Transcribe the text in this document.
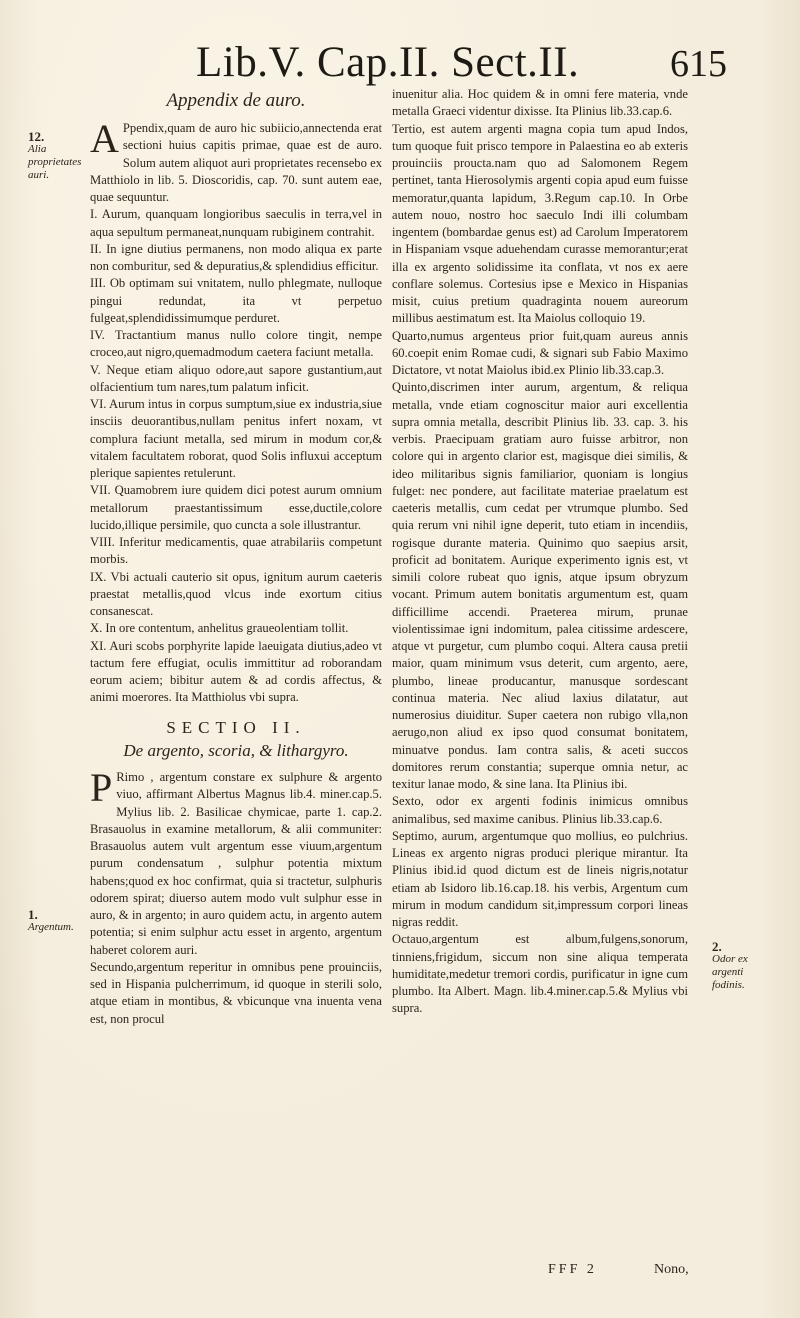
Lib.V. Cap.II. Sect.II. 615
12.
Alia proprietates auri.
1.
Argentum.
2.
Odor ex argenti fodinis.
Appendix de auro.

A Ppendix,quam de auro hic subiicio,annectenda erat sectioni huius capitis primae, quae est de auro. Solum autem aliquot auri proprietates recensebo ex Matthiolo in lib. 5. Dioscoridis, cap. 70. sunt autem eae, quae sequuntur.

I. Aurum, quanquam longioribus saeculis in terra,vel in aqua sepultum permaneat,nunquam rubiginem contrahit.

II. In igne diutius permanens, non modo aliqua ex parte non comburitur, sed & depuratius,& splendidius efficitur.

III. Ob optimam sui vnitatem, nullo phlegmate, nulloque pingui redundat, ita vt perpetuo fulgeat,splendidissimumque perduret.

IV. Tractantium manus nullo colore tingit, nempe croceo,aut nigro,quemadmodum caetera faciunt metalla.

V. Neque etiam aliquo odore,aut sapore gustantium,aut olfacientium tum nares,tum palatum inficit.

VI. Aurum intus in corpus sumptum,siue ex industria,siue insciis deuorantibus,nullam penitus infert noxam, vt complura faciunt metalla, sed mirum in modum cor,& vitalem facultatem roborat, quod Solis influxui acceptum plerique sapientes retulerunt.

VII. Quamobrem iure quidem dici potest aurum omnium metallorum praestantissimum esse,ductile,colore lucido,illique persimile, quo cuncta a sole illustrantur.

VIII. Inferitur medicamentis, quae atrabilariis competunt morbis.

IX. Vbi actuali cauterio sit opus, ignitum aurum caeteris praestat metallis,quod vlcus inde exortum citius consanescat.

X. In ore contentum, anhelitus graueolentiam tollit.

XI. Auri scobs porphyrite lapide laeuigata diutius,adeo vt tactum fere effugiat, oculis immittitur ad roborandam eorum aciem; bibitur autem & ad cordis affectus, & animi moerores. Ita Matthiolus vbi supra.

SECTIO II.
De argento, scoria, & lithargyro.

P Rimo , argentum constare ex sulphure & argento viuo, affirmant Albertus Magnus lib.4. miner.cap.5. Mylius lib. 2. Basilicae chymicae, parte 1. cap.2. Brasauolus in examine metallorum, & alii communiter: Brasauolus autem vult argentum esse viuum,argentum purum condensatum , sulphur potentia mixtum habens;quod ex hoc confirmat, quia si tractetur, sulphuris odorem spirat; diuerso autem modo vult sulphur esse in auro, & in argento; in auro quidem actu, in argento autem potentia; si enim sulphur actu esset in argento, argentum haberet colorem auri.

Secundo,argentum reperitur in omnibus pene prouinciis, sed in Hispania pulcherrimum, id quoque in sterili solo, atque etiam in montibus, & vbicunque vna inuenta vena est, non procul

inuenitur alia. Hoc quidem & in omni fere materia, vnde metalla Graeci videntur dixisse. Ita Plinius lib.33.cap.6.

Tertio, est autem argenti magna copia tum apud Indos, tum quoque fuit prisco tempore in Palaestina eo ab exteris prouinciis proucta.nam quo ad Salomonem Regem pertinet, tanta Hierosolymis argenti copia apud eum fuisse memoratur,quanta lapidum, 3.Regum cap.10. In Orbe autem nouo, nostro hoc saeculo Indi illi columbam ingentem (bombardae genus est) ad Carolum Imperatorem in Hispaniam vsque aduehendam curasse memorantur;erat illa ex argento solidissime ita conflata, vt nos ex aere conflare solemus. Cortesius ipse e Mexico in Hispanias misit, cuius pretium quadraginta nouem aureorum millibus aestimatum est. Ita Maiolus colloquio 19.

Quarto,numus argenteus prior fuit,quam aureus annis 60.coepit enim Romae cudi, & signari sub Fabio Maximo Dictatore, vt notat Maiolus ibid.ex Plinio lib.33.cap.3.

Quinto,discrimen inter aurum, argentum, & reliqua metalla, vnde etiam cognoscitur maior auri excellentia supra omnia metalla, describit Plinius lib. 33. cap. 3. his verbis. Praecipuam gratiam auro fuisse arbitror, non colore qui in argento clarior est, magisque diei similis, & ideo militaribus signis familiarior, quoniam is longius fulget: nec pondere, aut facilitate materiae praelatum est caeteris metallis, cum cedat per vtrumque plumbo. Sed quia rerum vni nihil igne deperit, tuto etiam in incendiis, rogisque durante materia. Quinimo quo saepius arsit, proficit ad bonitatem. Aurique experimento ignis est, vt simili colore rubeat quo ignis, atque ipsum obryzum vocant. Primum autem bonitatis argumentum est, quam difficillime accendi. Praeterea mirum, prunae violentissimae igni indomitum, palea citissime ardescere, atque vt purgetur, cum plumbo coqui. Altera causa pretii maior, quam minimum vsus deterit, cum argento, aere, plumbo, lineae producantur, manusque sordescant continua materia. Nec aliud laxius dilatatur, aut numerosius diuiditur. Super caetera non rubigo vlla,non aerugo,non aliud ex ipso quod consumat bonitatem, minuatve pondus. Iam contra salis, & aceti succos domitores rerum constantia; superque omnia netur, ac texitur lanae modo, & sine lana. Ita Plinius ibi.

Sexto, odor ex argenti fodinis inimicus omnibus animalibus, sed maxime canibus. Plinius lib.33.cap.6.

Septimo, aurum, argentumque quo mollius, eo pulchrius. Lineas ex argento nigras produci plerique mirantur. Ita Plinius ibid.id quod dictum est de lineis nigris,notatur etiam ab Isidoro lib.16.cap.18. his verbis, Argentum cum mirum in modum candidum sit,impressum corpori lineas nigras reddit.

Octauo,argentum est album,fulgens,sonorum, tinniens,frigidum, siccum non sine aliqua temperata humiditate,medetur tremori cordis, purificatur in igne cum plumbo. Ita Albert. Magn. lib.4.miner.cap.5.& Mylius vbi supra.

FFF 2	Nono,
